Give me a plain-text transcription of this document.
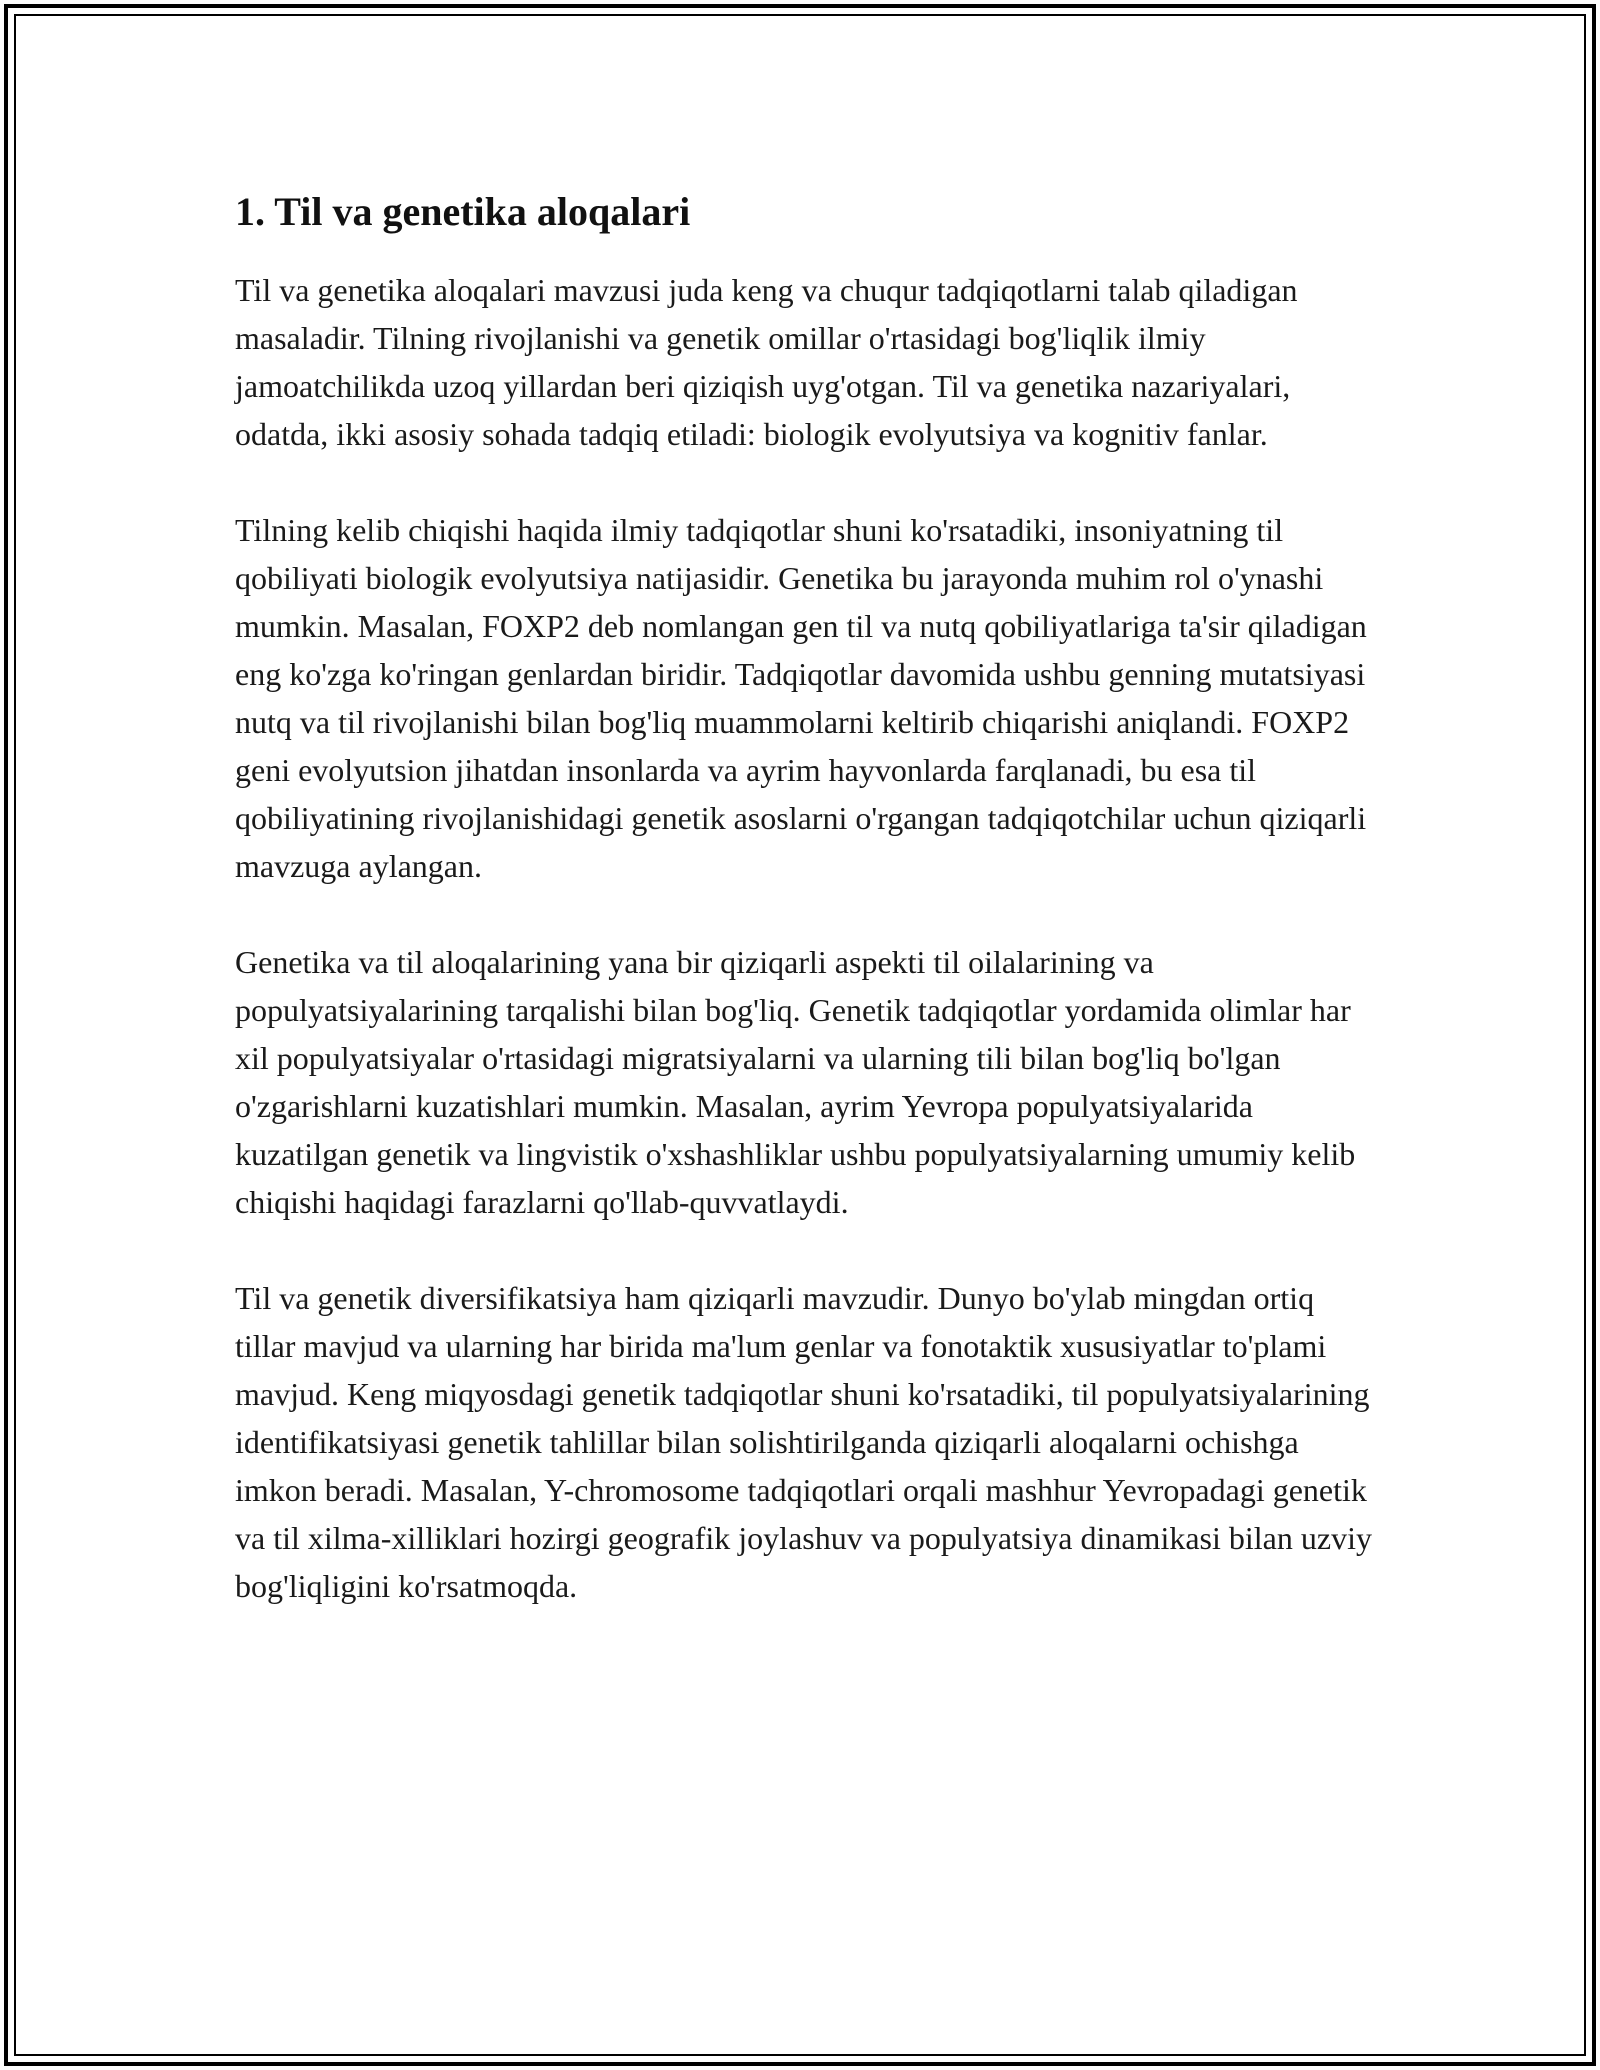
1. Til va genetika aloqalari

Til va genetika aloqalari mavzusi juda keng va chuqur tadqiqotlarni talab qiladigan masaladir. Tilning rivojlanishi va genetik omillar o'rtasidagi bog'liqlik ilmiy jamoatchilikda uzoq yillardan beri qiziqish uyg'otgan. Til va genetika nazariyalari, odatda, ikki asosiy sohada tadqiq etiladi: biologik evolyutsiya va kognitiv fanlar.

Tilning kelib chiqishi haqida ilmiy tadqiqotlar shuni ko'rsatadiki, insoniyatning til qobiliyati biologik evolyutsiya natijasidir. Genetika bu jarayonda muhim rol o'ynashi mumkin. Masalan, FOXP2 deb nomlangan gen til va nutq qobiliyatlariga ta'sir qiladigan eng ko'zga ko'ringan genlardan biridir. Tadqiqotlar davomida ushbu genning mutatsiyasi nutq va til rivojlanishi bilan bog'liq muammolarni keltirib chiqarishi aniqlandi. FOXP2 geni evolyutsion jihatdan insonlarda va ayrim hayvonlarda farqlanadi, bu esa til qobiliyatining rivojlanishidagi genetik asoslarni o'rgangan tadqiqotchilar uchun qiziqarli mavzuga aylangan.

Genetika va til aloqalarining yana bir qiziqarli aspekti til oilalarining va populyatsiyalarining tarqalishi bilan bog'liq. Genetik tadqiqotlar yordamida olimlar har xil populyatsiyalar o'rtasidagi migratsiyalarni va ularning tili bilan bog'liq bo'lgan o'zgarishlarni kuzatishlari mumkin. Masalan, ayrim Yevropa populyatsiyalarida kuzatilgan genetik va lingvistik o'xshashliklar ushbu populyatsiyalarning umumiy kelib chiqishi haqidagi farazlarni qo'llab-quvvatlaydi.

Til va genetik diversifikatsiya ham qiziqarli mavzudir. Dunyo bo'ylab mingdan ortiq tillar mavjud va ularning har birida ma'lum genlar va fonotaktik xususiyatlar to'plami mavjud. Keng miqyosdagi genetik tadqiqotlar shuni ko'rsatadiki, til populyatsiyalarining identifikatsiyasi genetik tahlillar bilan solishtirilganda qiziqarli aloqalarni ochishga imkon beradi. Masalan, Y-chromosome tadqiqotlari orqali mashhur Yevropadagi genetik va til xilma-xilliklari hozirgi geografik joylashuv va populyatsiya dinamikasi bilan uzviy bog'liqligini ko'rsatmoqda.
